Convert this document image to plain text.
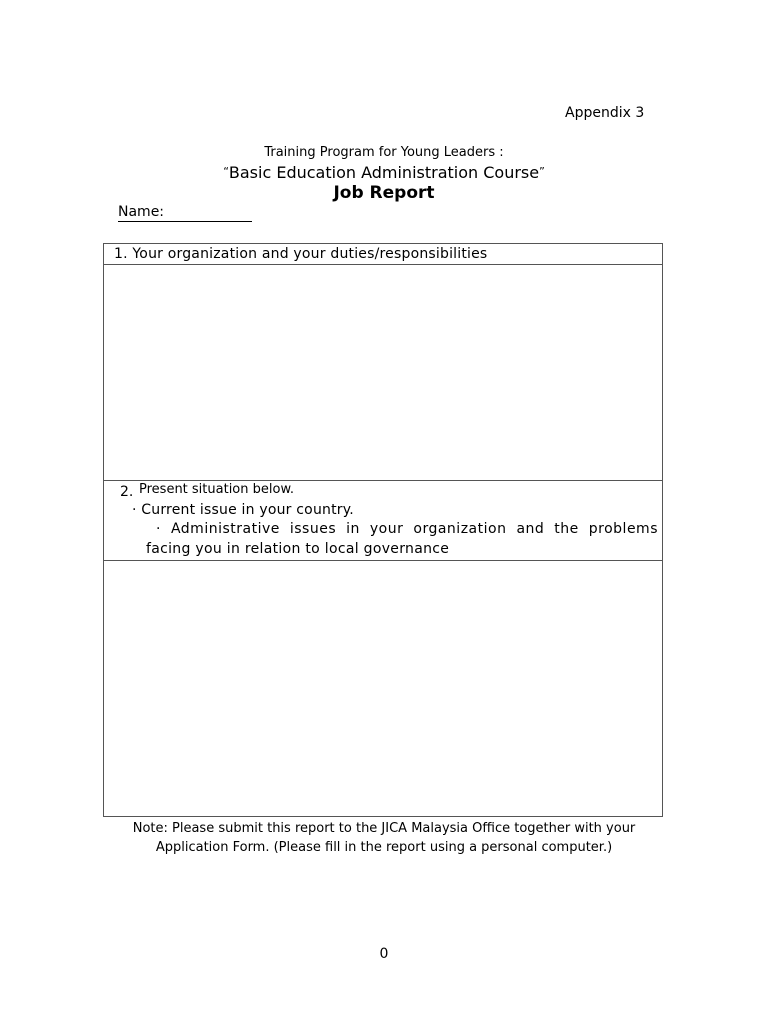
Appendix 3
Training Program for Young Leaders :
“Basic Education Administration Course”
Job Report
Name:
1. Your organization and your duties/responsibilities
2. Present situation below.
· Current issue in your country.
· Administrative issues in your organization and the problems
facing you in relation to local governance
Note: Please submit this report to the JICA Malaysia Office together with your
Application Form. (Please fill in the report using a personal computer.)
0
